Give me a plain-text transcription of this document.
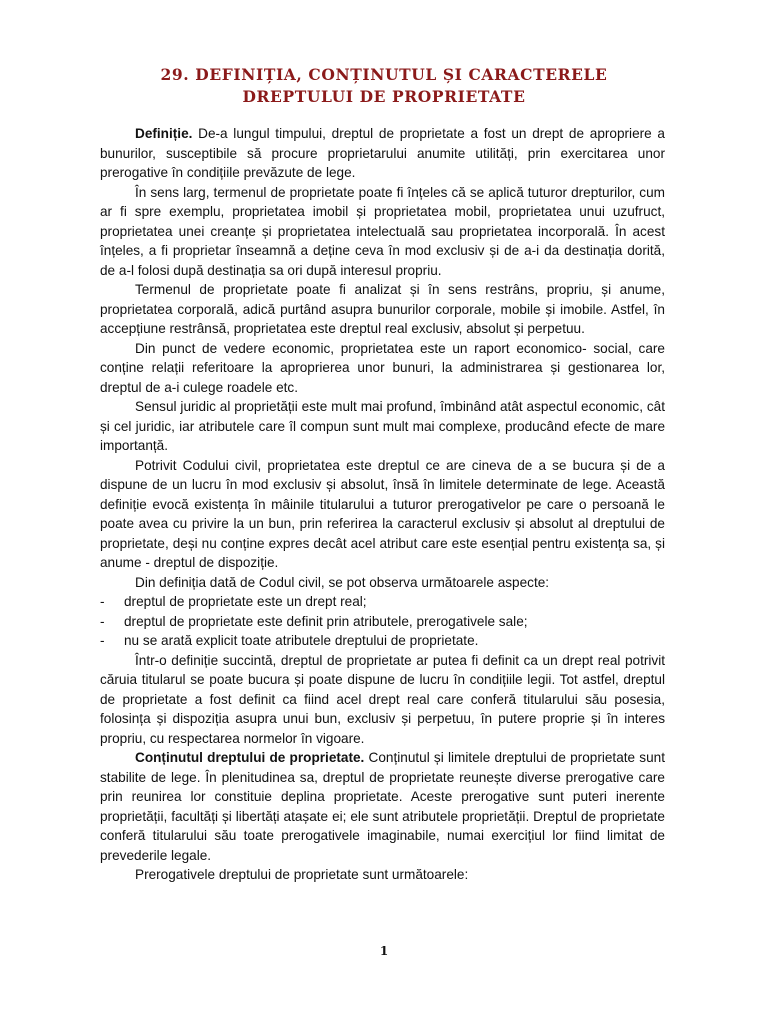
29. DEFINIȚIA, CONȚINUTUL ȘI CARACTERELE DREPTULUI DE PROPRIETATE

Definiție. De-a lungul timpului, dreptul de proprietate a fost un drept de apropriere a bunurilor, susceptibile să procure proprietarului anumite utilități, prin exercitarea unor prerogative în condițiile prevăzute de lege.

În sens larg, termenul de proprietate poate fi înțeles că se aplică tuturor drepturilor, cum ar fi spre exemplu, proprietatea imobil și proprietatea mobil, proprietatea unui uzufruct, proprietatea unei creanțe și proprietatea intelectuală sau proprietatea incorporală. În acest înțeles, a fi proprietar înseamnă a deține ceva în mod exclusiv și de a-i da destinația dorită, de a-l folosi după destinația sa ori după interesul propriu.

Termenul de proprietate poate fi analizat și în sens restrâns, propriu, și anume, proprietatea corporală, adică purtând asupra bunurilor corporale, mobile și imobile. Astfel, în accepțiune restrânsă, proprietatea este dreptul real exclusiv, absolut și perpetuu.

Din punct de vedere economic, proprietatea este un raport economico- social, care conține relații referitoare la aproprierea unor bunuri, la administrarea și gestionarea lor, dreptul de a-i culege roadele etc.

Sensul juridic al proprietății este mult mai profund, îmbinând atât aspectul economic, cât și cel juridic, iar atributele care îl compun sunt mult mai complexe, producând efecte de mare importanță.

Potrivit Codului civil, proprietatea este dreptul ce are cineva de a se bucura și de a dispune de un lucru în mod exclusiv și absolut, însă în limitele determinate de lege. Această definiție evocă existența în mâinile titularului a tuturor prerogativelor pe care o persoană le poate avea cu privire la un bun, prin referirea la caracterul exclusiv și absolut al dreptului de proprietate, deși nu conține expres decât acel atribut care este esențial pentru existența sa, și anume - dreptul de dispoziție.

Din definiția dată de Codul civil, se pot observa următoarele aspecte:

- dreptul de proprietate este un drept real;
- dreptul de proprietate este definit prin atributele, prerogativele sale;
- nu se arată explicit toate atributele dreptului de proprietate.

Într-o definiție succintă, dreptul de proprietate ar putea fi definit ca un drept real potrivit căruia titularul se poate bucura și poate dispune de lucru în condițiile legii. Tot astfel, dreptul de proprietate a fost definit ca fiind acel drept real care conferă titularului său posesia, folosința și dispoziția asupra unui bun, exclusiv și perpetuu, în putere proprie și în interes propriu, cu respectarea normelor în vigoare.

Conținutul dreptului de proprietate. Conținutul și limitele dreptului de proprietate sunt stabilite de lege. În plenitudinea sa, dreptul de proprietate reunește diverse prerogative care prin reunirea lor constituie deplina proprietate. Aceste prerogative sunt puteri inerente proprietății, facultăți și libertăți atașate ei; ele sunt atributele proprietății. Dreptul de proprietate conferă titularului său toate prerogativele imaginabile, numai exercițiul lor fiind limitat de prevederile legale.

Prerogativele dreptului de proprietate sunt următoarele:

1
